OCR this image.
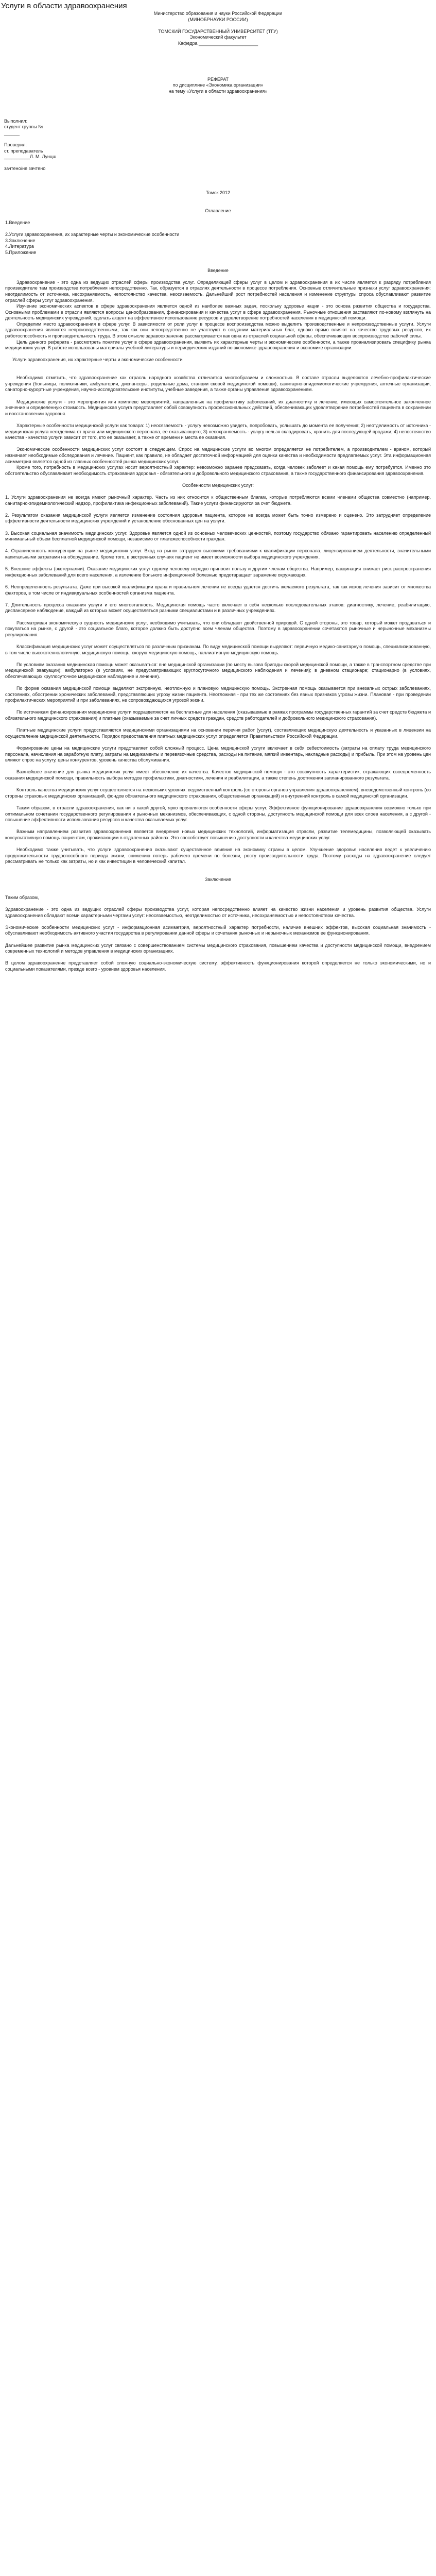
Услуги в области здравоохранения
Министерство образования и науки Российской Федерации
(МИНОБРНАУКИ РОССИИ)
ТОМСКИЙ ГОСУДАРСТВЕННЫЙ УНИВЕРСИТЕТ (ТГУ)
Экономический факультет
Кафедра _______________________
РЕФЕРАТ
по дисциплине «Экономика организации»
на тему «Услуги в области здравоохранения»
Выполнил:
студент группы №
______
Проверил:
ст. преподаватель
__________Л. М. Лунцш
зачтено/не зачтено
Томск 2012
Оглавление

1.Введение

2.Услуги здравоохранения, их характерные черты и экономические особенности

3.Заключение

4.Литература

5.Приложение

Введение

Здравоохранение - это одна из ведущих отраслей сферы производства услуг. Определяющей сферы услуг в целом и здравоохранения в их числе является к разряду потребления производителе там производстве потребления непосредственно. Так, образуется в отраслях деятельности в процессе потребления. Основные отличительные признаки услуг здравоохранения: неотделимость от источника, несохраняемость, непостоянство качества, неосязаемость. Дальнейший рост потребностей населения и изменение структуры спроса обуславливают развитие отраслей сферы услуг здравоохранения.

Изучение экономических аспектов в сфере здравоохранения является одной из наиболее важных задач, поскольку здоровье нации - это основа развития общества и государства. Основными проблемами в отрасли являются вопросы ценообразования, финансирования и качества услуг в сфере здравоохранения. Рыночные отношения заставляют по-новому взглянуть на деятельность медицинских учреждений, сделать акцент на эффективное использование ресурсов и удовлетворение потребностей населения в медицинской помощи.

Определим место здравоохранения в сфере услуг. В зависимости от роли услуг в процессе воспроизводства можно выделить производственные и непроизводственные услуги. Услуги здравоохранения являются непроизводственными, так как они непосредственно не участвуют в создании материальных благ, однако прямо влияют на качество трудовых ресурсов, их работоспособность и производительность труда. В этом смысле здравоохранение рассматривается как одна из отраслей социальной сферы, обеспечивающих воспроизводство рабочей силы.

Цель данного реферата - рассмотреть понятие услуг в сфере здравоохранения, выявить их характерные черты и экономические особенности, а также проанализировать специфику рынка медицинских услуг. В работе использованы материалы учебной литературы и периодических изданий по экономике здравоохранения и экономике организации.

Услуги здравоохранения, их характерные черты и экономические особенности

Необходимо отметить, что здравоохранение как отрасль народного хозяйства отличается многообразием и сложностью. В составе отрасли выделяются лечебно-профилактические учреждения (больницы, поликлиники, амбулатории, диспансеры, родильные дома, станции скорой медицинской помощи), санитарно-эпидемиологические учреждения, аптечные организации, санаторно-курортные учреждения, научно-исследовательские институты, учебные заведения, а также органы управления здравоохранением.

Медицинские услуги - это мероприятия или комплекс мероприятий, направленных на профилактику заболеваний, их диагностику и лечение, имеющих самостоятельное законченное значение и определенную стоимость. Медицинская услуга представляет собой совокупность профессиональных действий, обеспечивающих удовлетворение потребностей пациента в сохранении и восстановлении здоровья.

Характерные особенности медицинской услуги как товара: 1) неосязаемость - услугу невозможно увидеть, попробовать, услышать до момента ее получения; 2) неотделимость от источника - медицинская услуга неотделима от врача или медицинского персонала, ее оказывающего; 3) несохраняемость - услугу нельзя складировать, хранить для последующей продажи; 4) непостоянство качества - качество услуги зависит от того, кто ее оказывает, а также от времени и места ее оказания.

Экономические особенности медицинских услуг состоят в следующем. Спрос на медицинские услуги во многом определяется не потребителем, а производителем - врачом, который назначает необходимые обследования и лечение. Пациент, как правило, не обладает достаточной информацией для оценки качества и необходимости предлагаемых услуг. Эта информационная асимметрия является одной из главных особенностей рынка медицинских услуг.

Кроме того, потребность в медицинских услугах носит вероятностный характер: невозможно заранее предсказать, когда человек заболеет и какая помощь ему потребуется. Именно это обстоятельство обуславливает необходимость страхования здоровья - обязательного и добровольного медицинского страхования, а также государственного финансирования здравоохранения.

Особенности медицинских услуг:

1. Услуги здравоохранения не всегда имеют рыночный характер. Часть из них относится к общественным благам, которые потребляются всеми членами общества совместно (например, санитарно-эпидемиологический надзор, профилактика инфекционных заболеваний). Такие услуги финансируются за счет бюджета.

2. Результатом оказания медицинской услуги является изменение состояния здоровья пациента, которое не всегда может быть точно измерено и оценено. Это затрудняет определение эффективности деятельности медицинских учреждений и установление обоснованных цен на услуги.

3. Высокая социальная значимость медицинских услуг. Здоровье является одной из основных человеческих ценностей, поэтому государство обязано гарантировать населению определенный минимальный объем бесплатной медицинской помощи, независимо от платежеспособности граждан.

4. Ограниченность конкуренции на рынке медицинских услуг. Вход на рынок затруднен высокими требованиями к квалификации персонала, лицензированием деятельности, значительными капитальными затратами на оборудование. Кроме того, в экстренных случаях пациент не имеет возможности выбора медицинского учреждения.

5. Внешние эффекты (экстерналии). Оказание медицинских услуг одному человеку нередко приносит пользу и другим членам общества. Например, вакцинация снижает риск распространения инфекционных заболеваний для всего населения, а излечение больного инфекционной болезнью предотвращает заражение окружающих.

6. Неопределенность результата. Даже при высокой квалификации врача и правильном лечении не всегда удается достичь желаемого результата, так как исход лечения зависит от множества факторов, в том числе от индивидуальных особенностей организма пациента.

7. Длительность процесса оказания услуги и его многоэтапность. Медицинская помощь часто включает в себя несколько последовательных этапов: диагностику, лечение, реабилитацию, диспансерное наблюдение, каждый из которых может осуществляться разными специалистами и в различных учреждениях.

Рассматривая экономическую сущность медицинских услуг, необходимо учитывать, что они обладают двойственной природой. С одной стороны, это товар, который может продаваться и покупаться на рынке, с другой - это социальное благо, которое должно быть доступно всем членам общества. Поэтому в здравоохранении сочетаются рыночные и нерыночные механизмы регулирования.

Классификация медицинских услуг может осуществляться по различным признакам. По виду медицинской помощи выделяют: первичную медико-санитарную помощь, специализированную, в том числе высокотехнологичную, медицинскую помощь, скорую медицинскую помощь, паллиативную медицинскую помощь.

По условиям оказания медицинская помощь может оказываться: вне медицинской организации (по месту вызова бригады скорой медицинской помощи, а также в транспортном средстве при медицинской эвакуации); амбулаторно (в условиях, не предусматривающих круглосуточного медицинского наблюдения и лечения); в дневном стационаре; стационарно (в условиях, обеспечивающих круглосуточное медицинское наблюдение и лечение).

По форме оказания медицинской помощи выделяют экстренную, неотложную и плановую медицинскую помощь. Экстренная помощь оказывается при внезапных острых заболеваниях, состояниях, обострении хронических заболеваний, представляющих угрозу жизни пациента. Неотложная - при тех же состояниях без явных признаков угрозы жизни. Плановая - при проведении профилактических мероприятий и при заболеваниях, не сопровождающихся угрозой жизни.

По источникам финансирования медицинские услуги подразделяются на бесплатные для населения (оказываемые в рамках программы государственных гарантий за счет средств бюджета и обязательного медицинского страхования) и платные (оказываемые за счет личных средств граждан, средств работодателей и добровольного медицинского страхования).

Платные медицинские услуги предоставляются медицинскими организациями на основании перечня работ (услуг), составляющих медицинскую деятельность и указанных в лицензии на осуществление медицинской деятельности. Порядок предоставления платных медицинских услуг определяется Правительством Российской Федерации.

Формирование цены на медицинские услуги представляет собой сложный процесс. Цена медицинской услуги включает в себя себестоимость (затраты на оплату труда медицинского персонала, начисления на заработную плату, затраты на медикаменты и перевязочные средства, расходы на питание, мягкий инвентарь, накладные расходы) и прибыль. При этом на уровень цен влияют спрос на услугу, цены конкурентов, уровень качества обслуживания.

Важнейшее значение для рынка медицинских услуг имеет обеспечение их качества. Качество медицинской помощи - это совокупность характеристик, отражающих своевременность оказания медицинской помощи, правильность выбора методов профилактики, диагностики, лечения и реабилитации, а также степень достижения запланированного результата.

Контроль качества медицинских услуг осуществляется на нескольких уровнях: ведомственный контроль (со стороны органов управления здравоохранением), вневедомственный контроль (со стороны страховых медицинских организаций, фондов обязательного медицинского страхования, общественных организаций) и внутренний контроль в самой медицинской организации.

Таким образом, в отрасли здравоохранения, как ни в какой другой, ярко проявляются особенности сферы услуг. Эффективное функционирование здравоохранения возможно только при оптимальном сочетании государственного регулирования и рыночных механизмов, обеспечивающих, с одной стороны, доступность медицинской помощи для всех слоев населения, а с другой - повышение эффективности использования ресурсов и качества оказываемых услуг.

Важным направлением развития здравоохранения является внедрение новых медицинских технологий, информатизация отрасли, развитие телемедицины, позволяющей оказывать консультативную помощь пациентам, проживающим в отдаленных районах. Это способствует повышению доступности и качества медицинских услуг.

Необходимо также учитывать, что услуги здравоохранения оказывают существенное влияние на экономику страны в целом. Улучшение здоровья населения ведет к увеличению продолжительности трудоспособного периода жизни, снижению потерь рабочего времени по болезни, росту производительности труда. Поэтому расходы на здравоохранение следует рассматривать не только как затраты, но и как инвестиции в человеческий капитал.

Заключение

Таким образом,

Здравоохранение - это одна из ведущих отраслей сферы производства услуг, которая непосредственно влияет на качество жизни населения и уровень развития общества. Услуги здравоохранения обладают всеми характерными чертами услуг: неосязаемостью, неотделимостью от источника, несохраняемостью и непостоянством качества.

Экономические особенности медицинских услуг - информационная асимметрия, вероятностный характер потребности, наличие внешних эффектов, высокая социальная значимость - обуславливают необходимость активного участия государства в регулировании данной сферы и сочетания рыночных и нерыночных механизмов ее функционирования.

Дальнейшее развитие рынка медицинских услуг связано с совершенствованием системы медицинского страхования, повышением качества и доступности медицинской помощи, внедрением современных технологий и методов управления в медицинских организациях.

В целом здравоохранение представляет собой сложную социально-экономическую систему, эффективность функционирования которой определяется не только экономическими, но и социальными показателями, прежде всего - уровнем здоровья населения.
